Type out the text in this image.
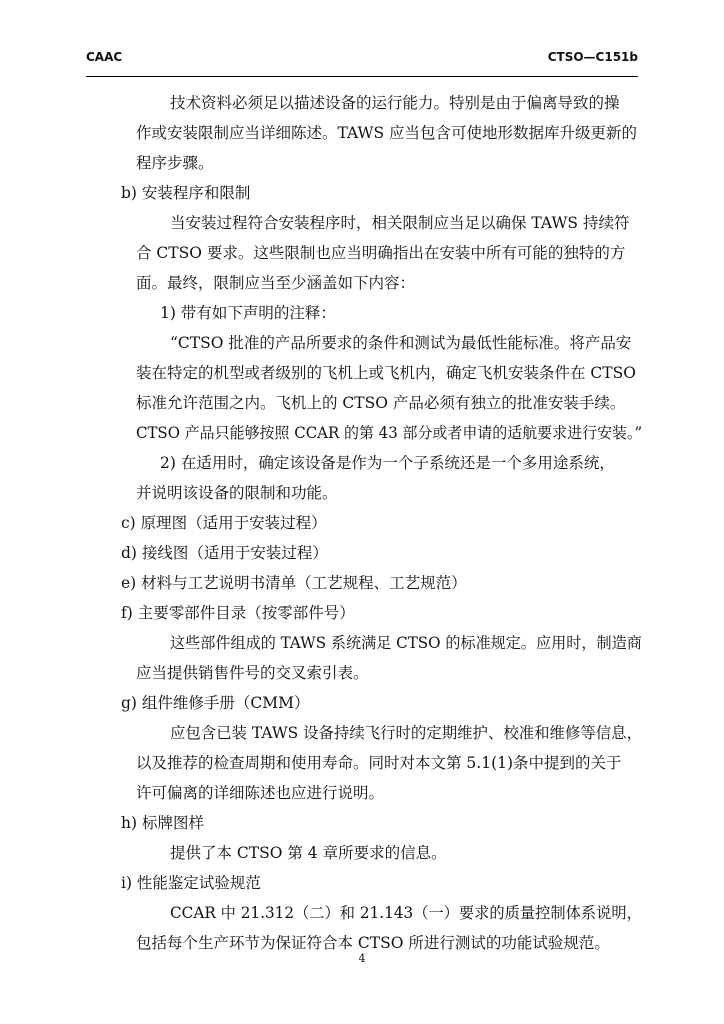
CAAC	CTSO—C151b
技术资料必须足以描述设备的运行能力。特别是由于偏离导致的操
作或安装限制应当详细陈述。TAWS 应当包含可使地形数据库升级更新的
程序步骤。
b) 安装程序和限制
当安装过程符合安装程序时，相关限制应当足以确保 TAWS 持续符
合 CTSO 要求。这些限制也应当明确指出在安装中所有可能的独特的方
面。最终，限制应当至少涵盖如下内容：
1) 带有如下声明的注释：
“CTSO 批准的产品所要求的条件和测试为最低性能标准。将产品安
装在特定的机型或者级别的飞机上或飞机内，确定飞机安装条件在 CTSO
标准允许范围之内。飞机上的 CTSO 产品必须有独立的批准安装手续。
CTSO 产品只能够按照 CCAR 的第 43 部分或者申请的适航要求进行安装。”
2) 在适用时，确定该设备是作为一个子系统还是一个多用途系统，
并说明该设备的限制和功能。
c) 原理图（适用于安装过程）
d) 接线图（适用于安装过程）
e) 材料与工艺说明书清单（工艺规程、工艺规范）
f) 主要零部件目录（按零部件号）
这些部件组成的 TAWS 系统满足 CTSO 的标准规定。应用时，制造商
应当提供销售件号的交叉索引表。
g) 组件维修手册（CMM）
应包含已装 TAWS 设备持续飞行时的定期维护、校准和维修等信息，
以及推荐的检查周期和使用寿命。同时对本文第 5.1(1)条中提到的关于
许可偏离的详细陈述也应进行说明。
h) 标牌图样
提供了本 CTSO 第 4 章所要求的信息。
i) 性能鉴定试验规范
CCAR 中 21.312（二）和 21.143（一）要求的质量控制体系说明，
包括每个生产环节为保证符合本 CTSO 所进行测试的功能试验规范。
4
